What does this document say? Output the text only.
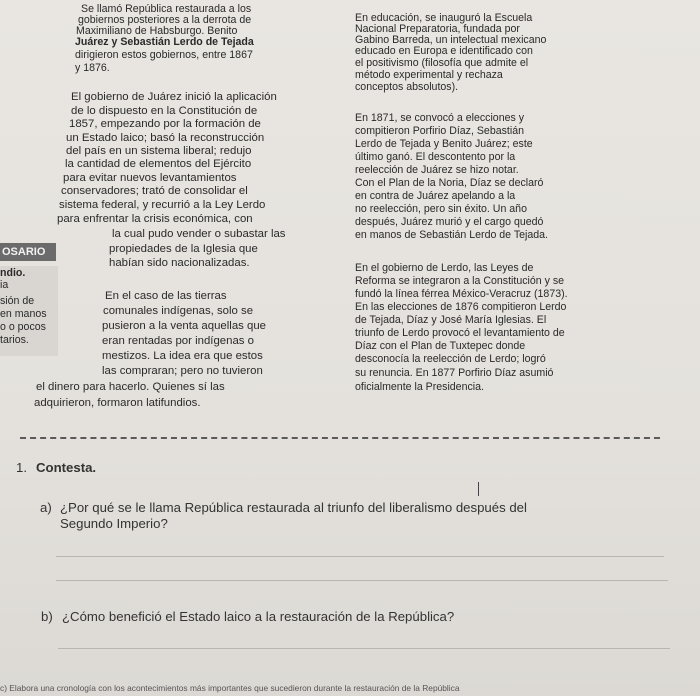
Se llamó República restaurada a los
gobiernos posteriores a la derrota de
Maximiliano de Habsburgo. Benito
Juárez y Sebastián Lerdo de Tejada
dirigieron estos gobiernos, entre 1867
y 1876.
El gobierno de Juárez inició la aplicación
de lo dispuesto en la Constitución de
1857, empezando por la formación de
un Estado laico; basó la reconstrucción
del país en un sistema liberal; redujo
la cantidad de elementos del Ejército
para evitar nuevos levantamientos
conservadores; trató de consolidar el
sistema federal, y recurrió a la Ley Lerdo
para enfrentar la crisis económica, con
la cual pudo vender o subastar las
propiedades de la Iglesia que
habían sido nacionalizadas.
En el caso de las tierras
comunales indígenas, solo se
pusieron a la venta aquellas que
eran rentadas por indígenas o
mestizos. La idea era que estos
las compraran; pero no tuvieron
el dinero para hacerlo. Quienes sí las
adquirieron, formaron latifundios.
OSARIO
ndio.
ia
sión de
en manos
o o pocos
tarios.
En educación, se inauguró la Escuela
Nacional Preparatoria, fundada por
Gabino Barreda, un intelectual mexicano
educado en Europa e identificado con
el positivismo (filosofía que admite el
método experimental y rechaza
conceptos absolutos).
En 1871, se convocó a elecciones y
compitieron Porfirio Díaz, Sebastián
Lerdo de Tejada y Benito Juárez; este
último ganó. El descontento por la
reelección de Juárez se hizo notar.
Con el Plan de la Noria, Díaz se declaró
en contra de Juárez apelando a la
no reelección, pero sin éxito. Un año
después, Juárez murió y el cargo quedó
en manos de Sebastián Lerdo de Tejada.
En el gobierno de Lerdo, las Leyes de
Reforma se integraron a la Constitución y se
fundó la línea férrea México-Veracruz (1873).
En las elecciones de 1876 compitieron Lerdo
de Tejada, Díaz y José María Iglesias. El
triunfo de Lerdo provocó el levantamiento de
Díaz con el Plan de Tuxtepec donde
desconocía la reelección de Lerdo; logró
su renuncia. En 1877 Porfirio Díaz asumió
oficialmente la Presidencia.
1. Contesta.
a) ¿Por qué se le llama República restaurada al triunfo del liberalismo después del
Segundo Imperio?
b) ¿Cómo benefició el Estado laico a la restauración de la República?
c) Elabora una cronología con los acontecimientos más importantes que sucedieron durante la restauración de la República
